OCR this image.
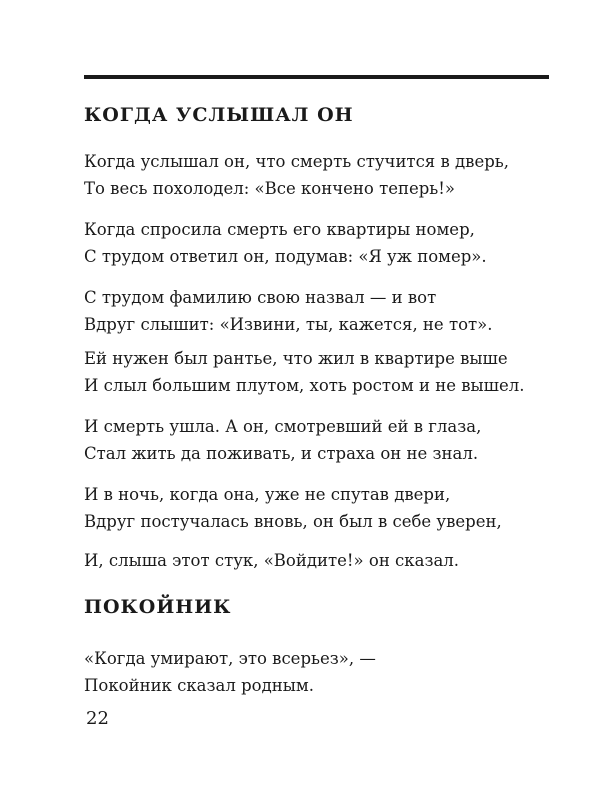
КОГДА УСЛЫШАЛ ОН

Когда услышал он, что смерть стучится в дверь,

То весь похолодел: «Все кончено теперь!»

Когда спросила смерть его квартиры номер,

С трудом ответил он, подумав: «Я уж помер».

С трудом фамилию свою назвал — и вот

Вдруг слышит: «Извини, ты, кажется, не тот».

Ей нужен был рантье, что жил в квартире выше

И слыл большим плутом, хоть ростом и не вышел.

И смерть ушла. А он, смотревший ей в глаза,

Стал жить да поживать, и страха он не знал.

И в ночь, когда она, уже не спутав двери,

Вдруг постучалась вновь, он был в себе уверен,

И, слыша этот стук, «Войдите!» он сказал.

ПОКОЙНИК

«Когда умирают, это всерьез», —

Покойник сказал родным.

22
